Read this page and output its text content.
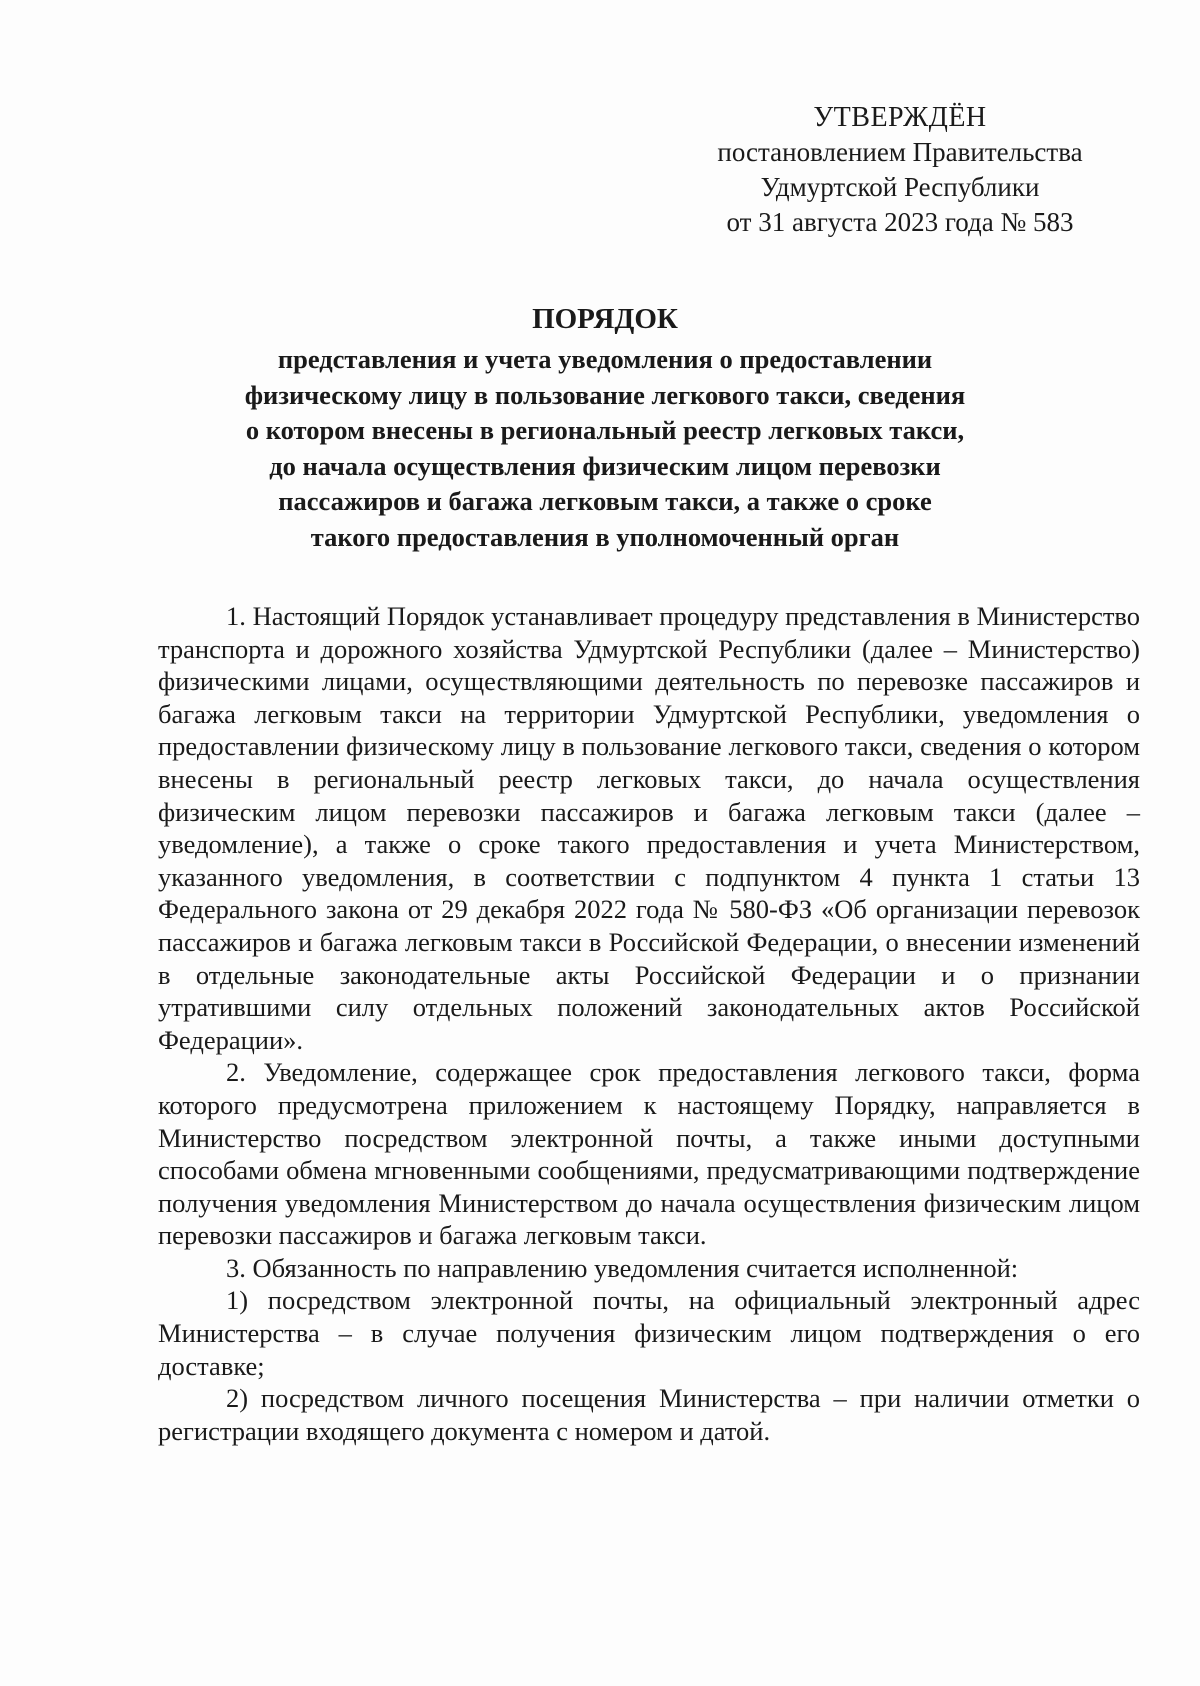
УТВЕРЖДЁН
постановлением Правительства
Удмуртской Республики
от 31 августа 2023 года № 583
ПОРЯДОК
представления и учета уведомления о предоставлении
физическому лицу в пользование легкового такси, сведения
о котором внесены в региональный реестр легковых такси,
до начала осуществления физическим лицом перевозки
пассажиров и багажа легковым такси, а также о сроке
такого предоставления в уполномоченный орган

1. Настоящий Порядок устанавливает процедуру представления в Министерство транспорта и дорожного хозяйства Удмуртской Республики (далее – Министерство) физическими лицами, осуществляющими деятельность по перевозке пассажиров и багажа легковым такси на территории Удмуртской Республики, уведомления о предоставлении физическому лицу в пользование легкового такси, сведения о котором внесены в региональный реестр легковых такси, до начала осуществления физическим лицом перевозки пассажиров и багажа легковым такси (далее – уведомление), а также о сроке такого предоставления и учета Министерством, указанного уведомления, в соответствии с подпунктом 4 пункта 1 статьи 13 Федерального закона от 29 декабря 2022 года № 580-ФЗ «Об организации перевозок пассажиров и багажа легковым такси в Российской Федерации, о внесении изменений в отдельные законодательные акты Российской Федерации и о признании утратившими силу отдельных положений законодательных актов Российской Федерации».

2. Уведомление, содержащее срок предоставления легкового такси, форма которого предусмотрена приложением к настоящему Порядку, направляется в Министерство посредством электронной почты, а также иными доступными способами обмена мгновенными сообщениями, предусматривающими подтверждение получения уведомления Министерством до начала осуществления физическим лицом перевозки пассажиров и багажа легковым такси.

3. Обязанность по направлению уведомления считается исполненной:

1) посредством электронной почты, на официальный электронный адрес Министерства – в случае получения физическим лицом подтверждения о его доставке;

2) посредством личного посещения Министерства – при наличии отметки о регистрации входящего документа с номером и датой.
